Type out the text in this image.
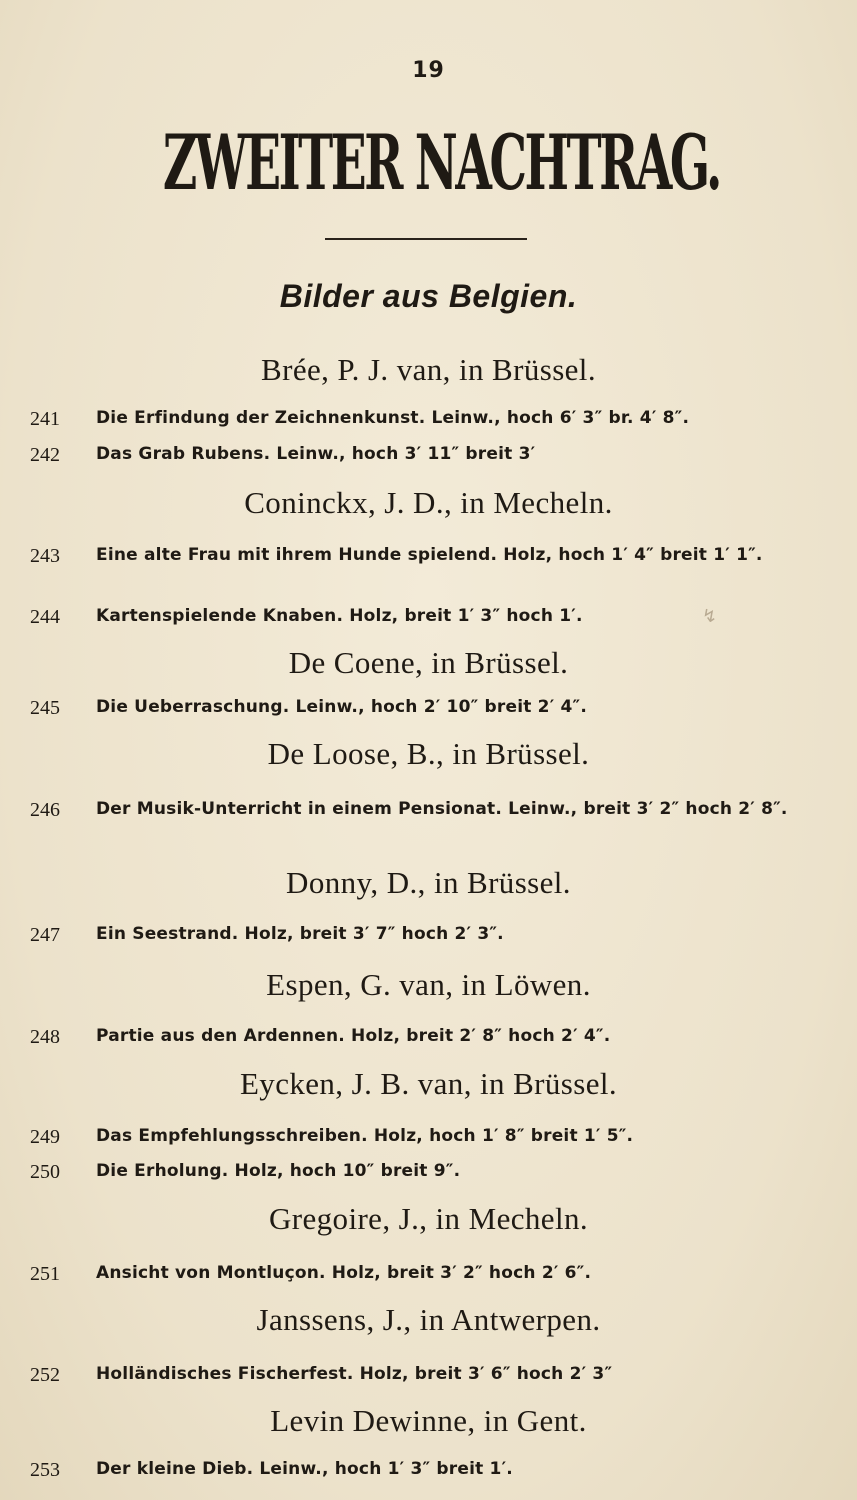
19
ZWEITER NACHTRAG.
Bilder aus Belgien.
Brée, P. J. van, in Brüssel.
241	Die Erfindung der Zeichnenkunst. Leinw., hoch 6′ 3″ br. 4′ 8″.
242	Das Grab Rubens. Leinw., hoch 3′ 11″ breit 3′
Coninckx, J. D., in Mecheln.
243	Eine alte Frau mit ihrem Hunde spielend. Holz, hoch 1′ 4″ breit 1′ 1″.
244	Kartenspielende Knaben. Holz, breit 1′ 3″ hoch 1′.	↯
De Coene, in Brüssel.
245	Die Ueberraschung. Leinw., hoch 2′ 10″ breit 2′ 4″.
De Loose, B., in Brüssel.
246	Der Musik-Unterricht in einem Pensionat. Leinw., breit 3′ 2″ hoch 2′ 8″.
Donny, D., in Brüssel.
247	Ein Seestrand. Holz, breit 3′ 7″ hoch 2′ 3″.
Espen, G. van, in Löwen.
248	Partie aus den Ardennen. Holz, breit 2′ 8″ hoch 2′ 4″.
Eycken, J. B. van, in Brüssel.
249	Das Empfehlungsschreiben. Holz, hoch 1′ 8″ breit 1′ 5″.
250	Die Erholung. Holz, hoch 10″ breit 9″.
Gregoire, J., in Mecheln.
251	Ansicht von Montluçon. Holz, breit 3′ 2″ hoch 2′ 6″.
Janssens, J., in Antwerpen.
252	Holländisches Fischerfest. Holz, breit 3′ 6″ hoch 2′ 3″
Levin Dewinne, in Gent.
253	Der kleine Dieb. Leinw., hoch 1′ 3″ breit 1′.
